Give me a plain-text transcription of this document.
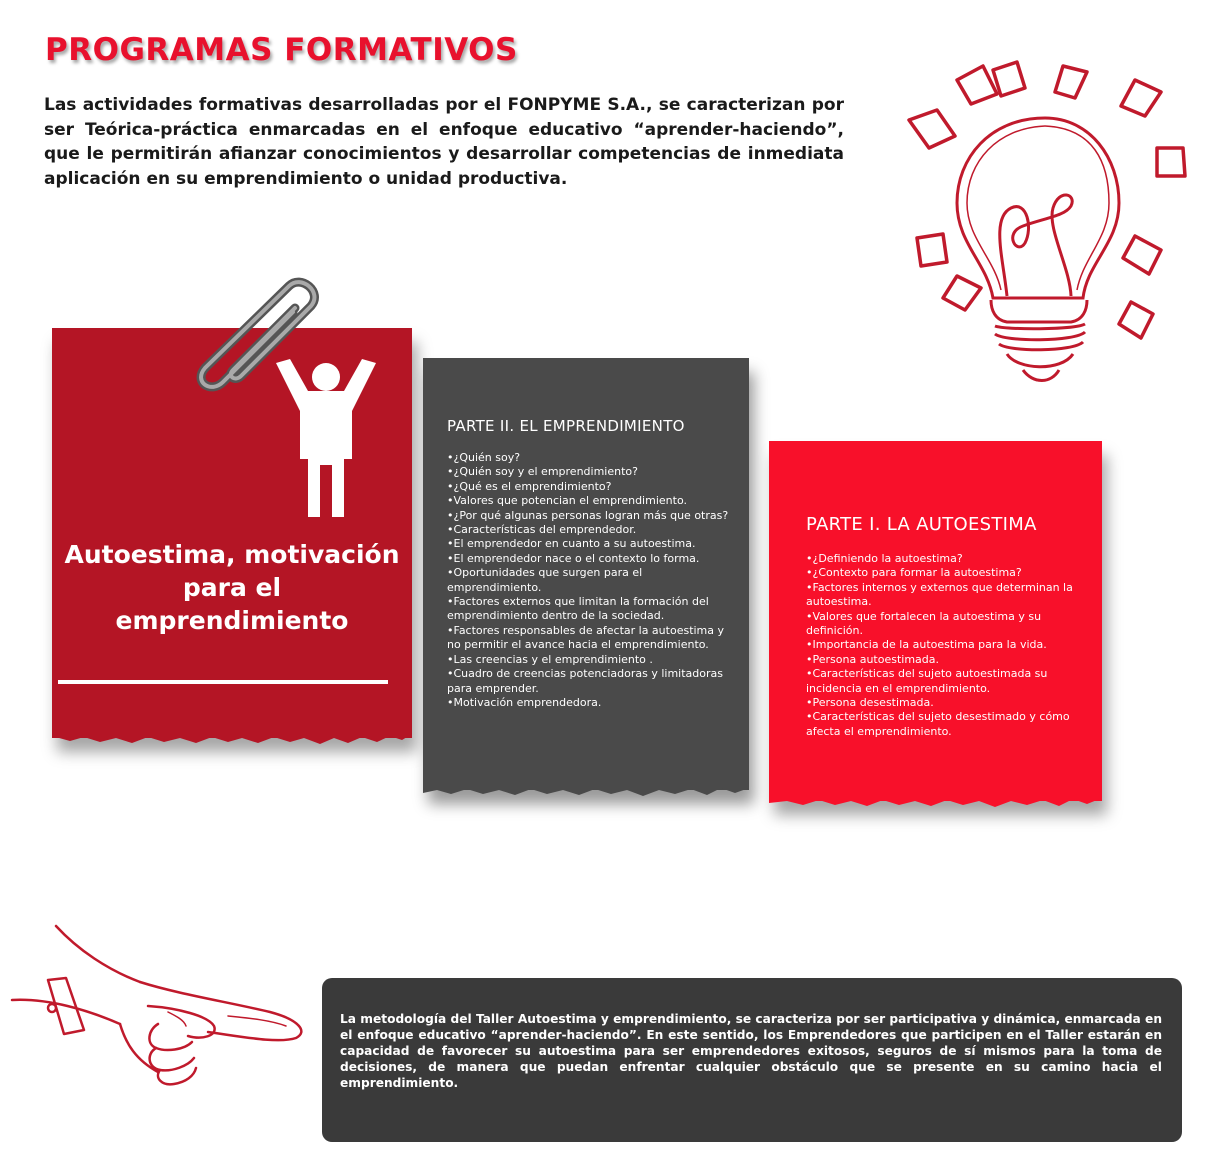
PROGRAMAS FORMATIVOS
Las actividades formativas desarrolladas por el FONPYME S.A., se caracterizan por ser Teórica-práctica enmarcadas en el enfoque educativo “aprender-haciendo”, que le permitirán afianzar conocimientos y desarrollar competencias de inmediata aplicación en su emprendimiento o unidad productiva.
Autoestima, motivación
para el
emprendimiento
PARTE II. EL EMPRENDIMIENTO
• ¿Quién soy?
• ¿Quién soy y el emprendimiento?
• ¿Qué es el emprendimiento?
• Valores que potencian el emprendimiento.
• ¿Por qué algunas personas logran más que otras?
• Características del emprendedor.
• El emprendedor en cuanto a su autoestima.
• El emprendedor nace o el contexto lo forma.
• Oportunidades que surgen para el emprendimiento.
• Factores externos que limitan la formación del emprendimiento dentro de la sociedad.
• Factores responsables de afectar la autoestima y no permitir el avance hacia el emprendimiento.
• Las creencias y el emprendimiento .
• Cuadro de creencias potenciadoras y limitadoras para emprender.
• Motivación emprendedora.
PARTE I. LA AUTOESTIMA
• ¿Definiendo la autoestima?
• ¿Contexto para formar la autoestima?
• Factores internos y externos que determinan la autoestima.
• Valores que fortalecen la autoestima y su definición.
• Importancia de la autoestima para la vida.
• Persona autoestimada.
• Características del sujeto autoestimada su incidencia en el emprendimiento.
• Persona desestimada.
• Características del sujeto desestimado y cómo afecta el emprendimiento.
La metodología del Taller Autoestima y emprendimiento, se caracteriza por ser participativa y dinámica, enmarcada en el enfoque educativo “aprender-haciendo”. En este sentido, los Emprendedores que participen en el Taller estarán en capacidad de favorecer su autoestima para ser emprendedores exitosos, seguros de sí mismos para la toma de decisiones, de manera que puedan enfrentar cualquier obstáculo que se presente en su camino hacia el emprendimiento.
